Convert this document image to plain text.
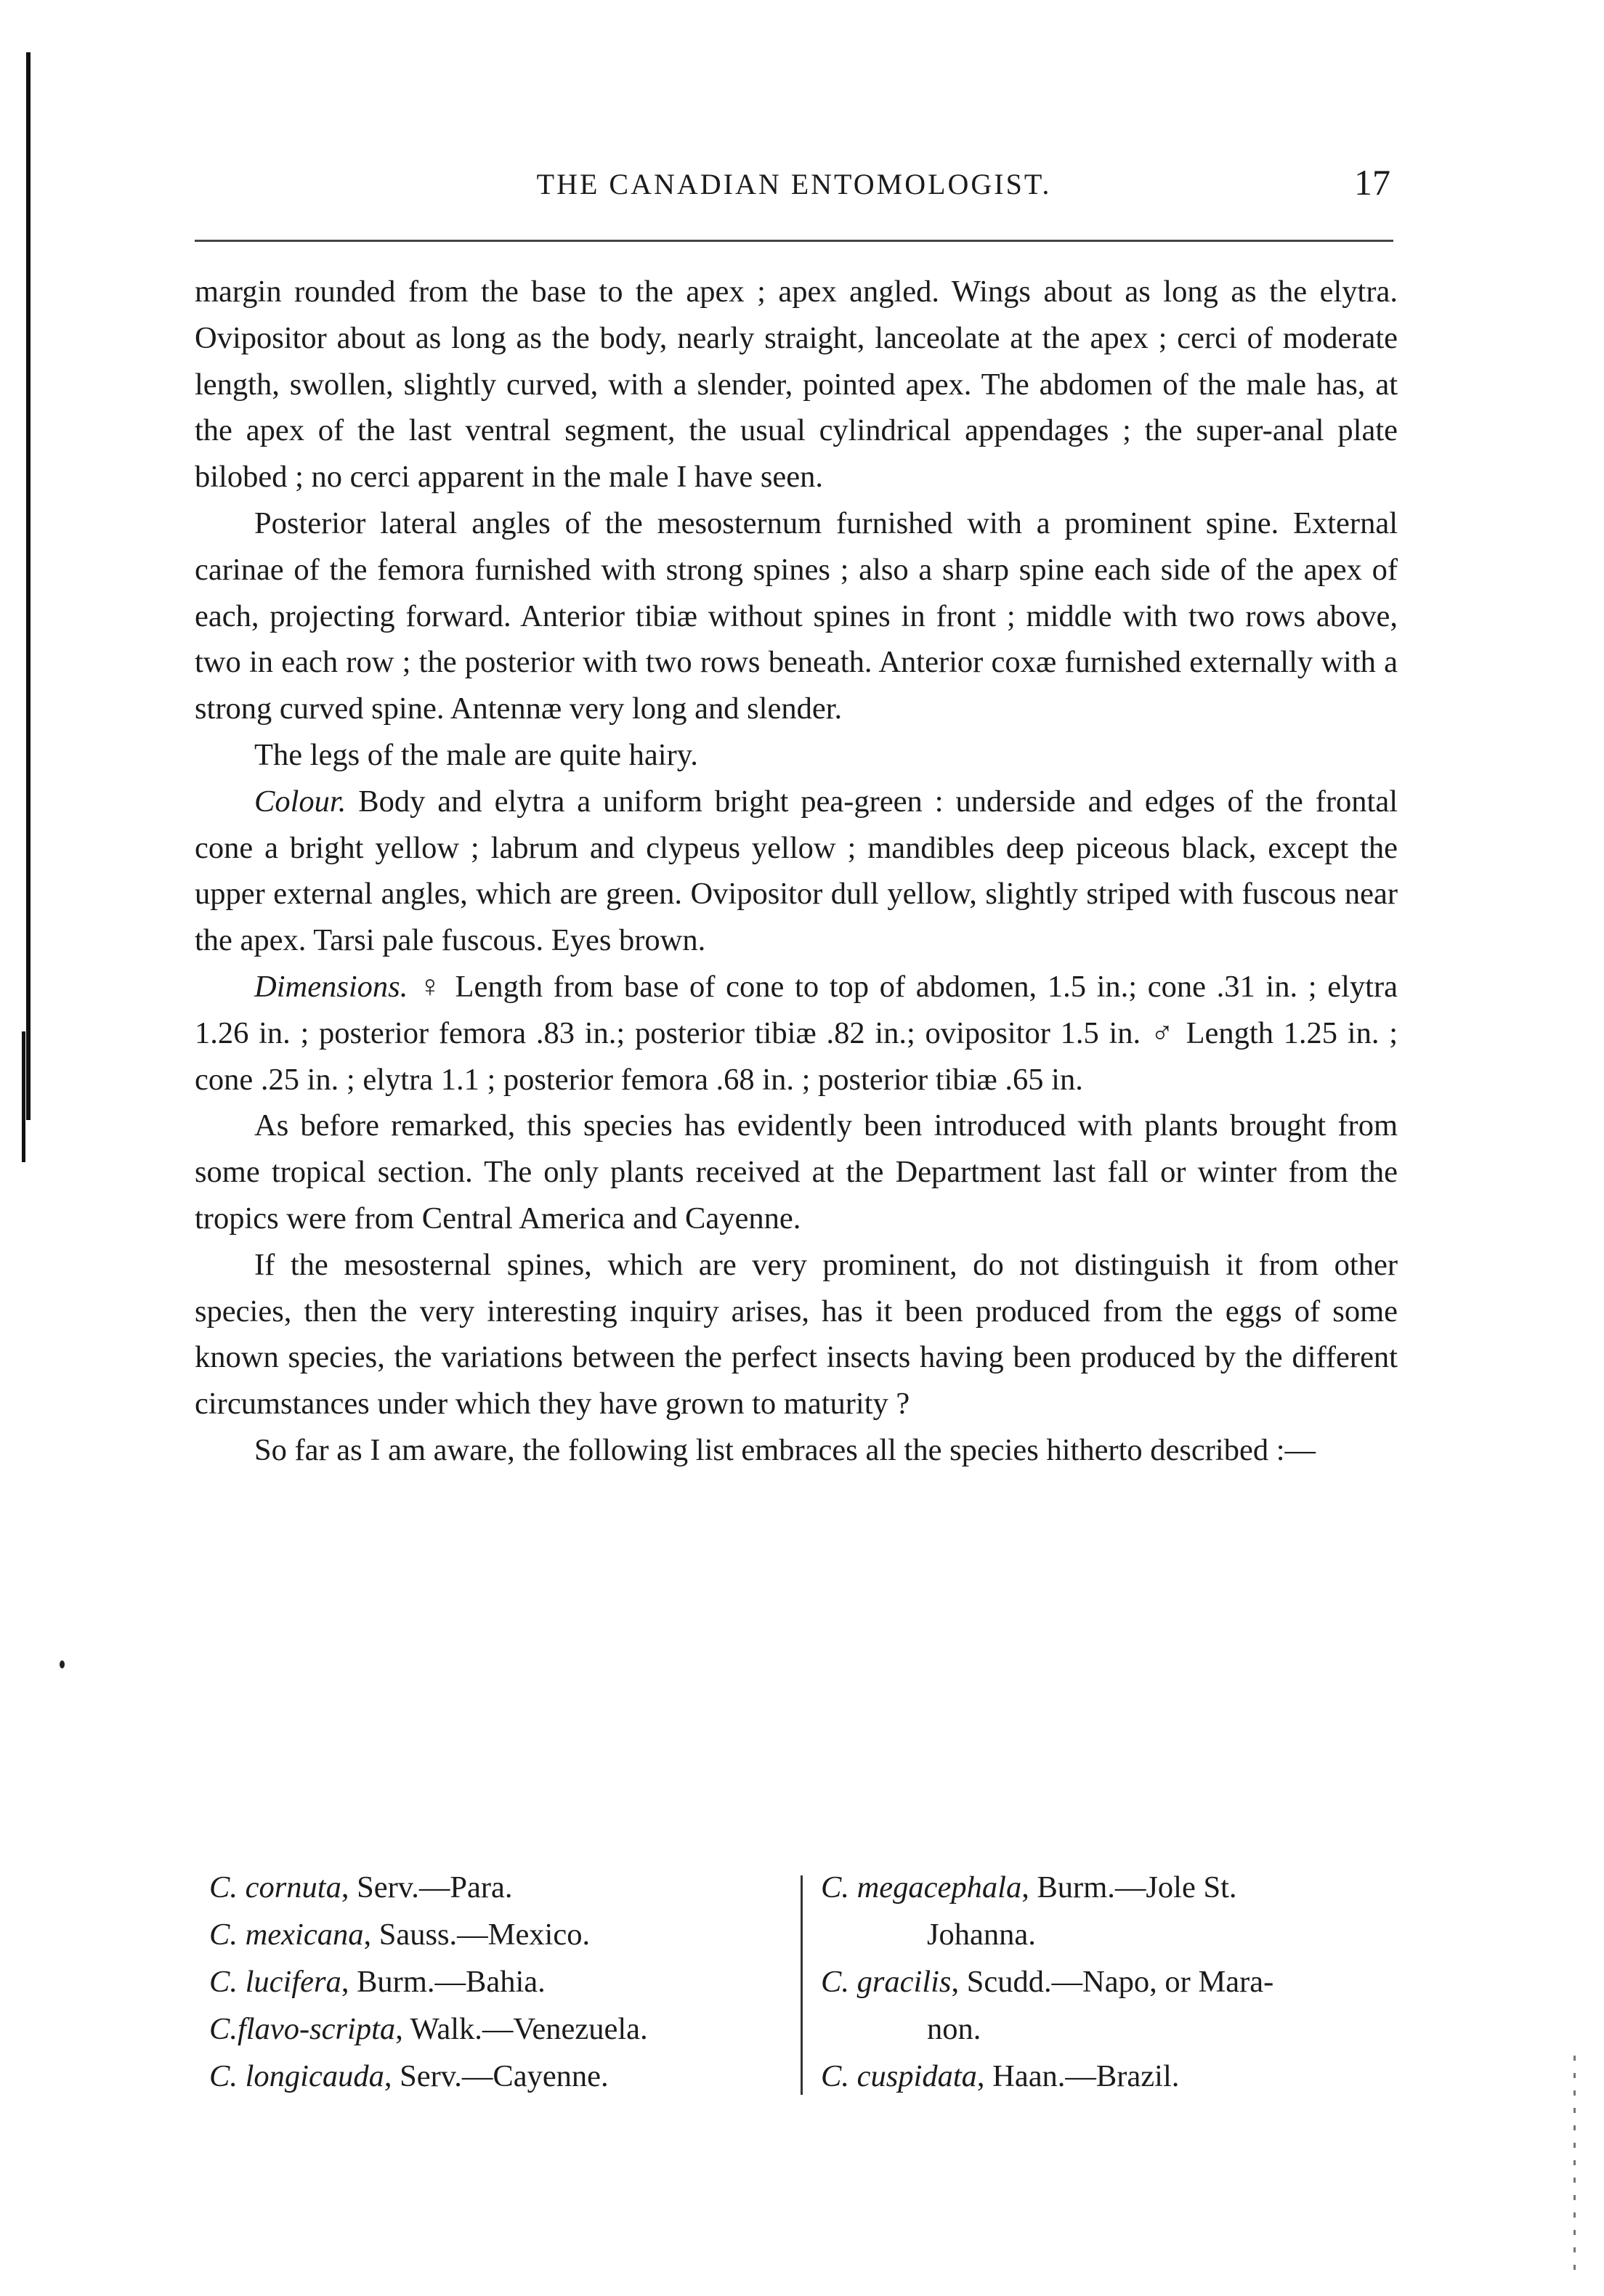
THE CANADIAN ENTOMOLOGIST.	17

margin rounded from the base to the apex ; apex angled. Wings about as long as the elytra. Ovipositor about as long as the body, nearly straight, lanceolate at the apex ; cerci of moderate length, swollen, slightly curved, with a slender, pointed apex. The abdomen of the male has, at the apex of the last ventral segment, the usual cylindrical appendages ; the super-anal plate bilobed ; no cerci apparent in the male I have seen.

Posterior lateral angles of the mesosternum furnished with a prominent spine. External carinae of the femora furnished with strong spines ; also a sharp spine each side of the apex of each, projecting forward. Anterior tibiæ without spines in front ; middle with two rows above, two in each row ; the posterior with two rows beneath. Anterior coxæ furnished externally with a strong curved spine. Antennæ very long and slender.

The legs of the male are quite hairy.

Colour. Body and elytra a uniform bright pea-green : underside and edges of the frontal cone a bright yellow ; labrum and clypeus yellow ; mandibles deep piceous black, except the upper external angles, which are green. Ovipositor dull yellow, slightly striped with fuscous near the apex. Tarsi pale fuscous. Eyes brown.

Dimensions. ♀ Length from base of cone to top of abdomen, 1.5 in.; cone .31 in. ; elytra 1.26 in. ; posterior femora .83 in.; posterior tibiæ .82 in.; ovipositor 1.5 in. ♂ Length 1.25 in. ; cone .25 in. ; elytra 1.1 ; posterior femora .68 in. ; posterior tibiæ .65 in.

As before remarked, this species has evidently been introduced with plants brought from some tropical section. The only plants received at the Department last fall or winter from the tropics were from Central America and Cayenne.

If the mesosternal spines, which are very prominent, do not distinguish it from other species, then the very interesting inquiry arises, has it been produced from the eggs of some known species, the variations between the perfect insects having been produced by the different circumstances under which they have grown to maturity ?

So far as I am aware, the following list embraces all the species hitherto described :—

C. cornuta, Serv.—Para.
C. mexicana, Sauss.—Mexico.
C. lucifera, Burm.—Bahia.
C.flavo-scripta, Walk.—Venezuela.
C. longicauda, Serv.—Cayenne.
C. megacephala, Burm.—Jole St.
Johanna.
C. gracilis, Scudd.—Napo, or Mara-
non.
C. cuspidata, Haan.—Brazil.
